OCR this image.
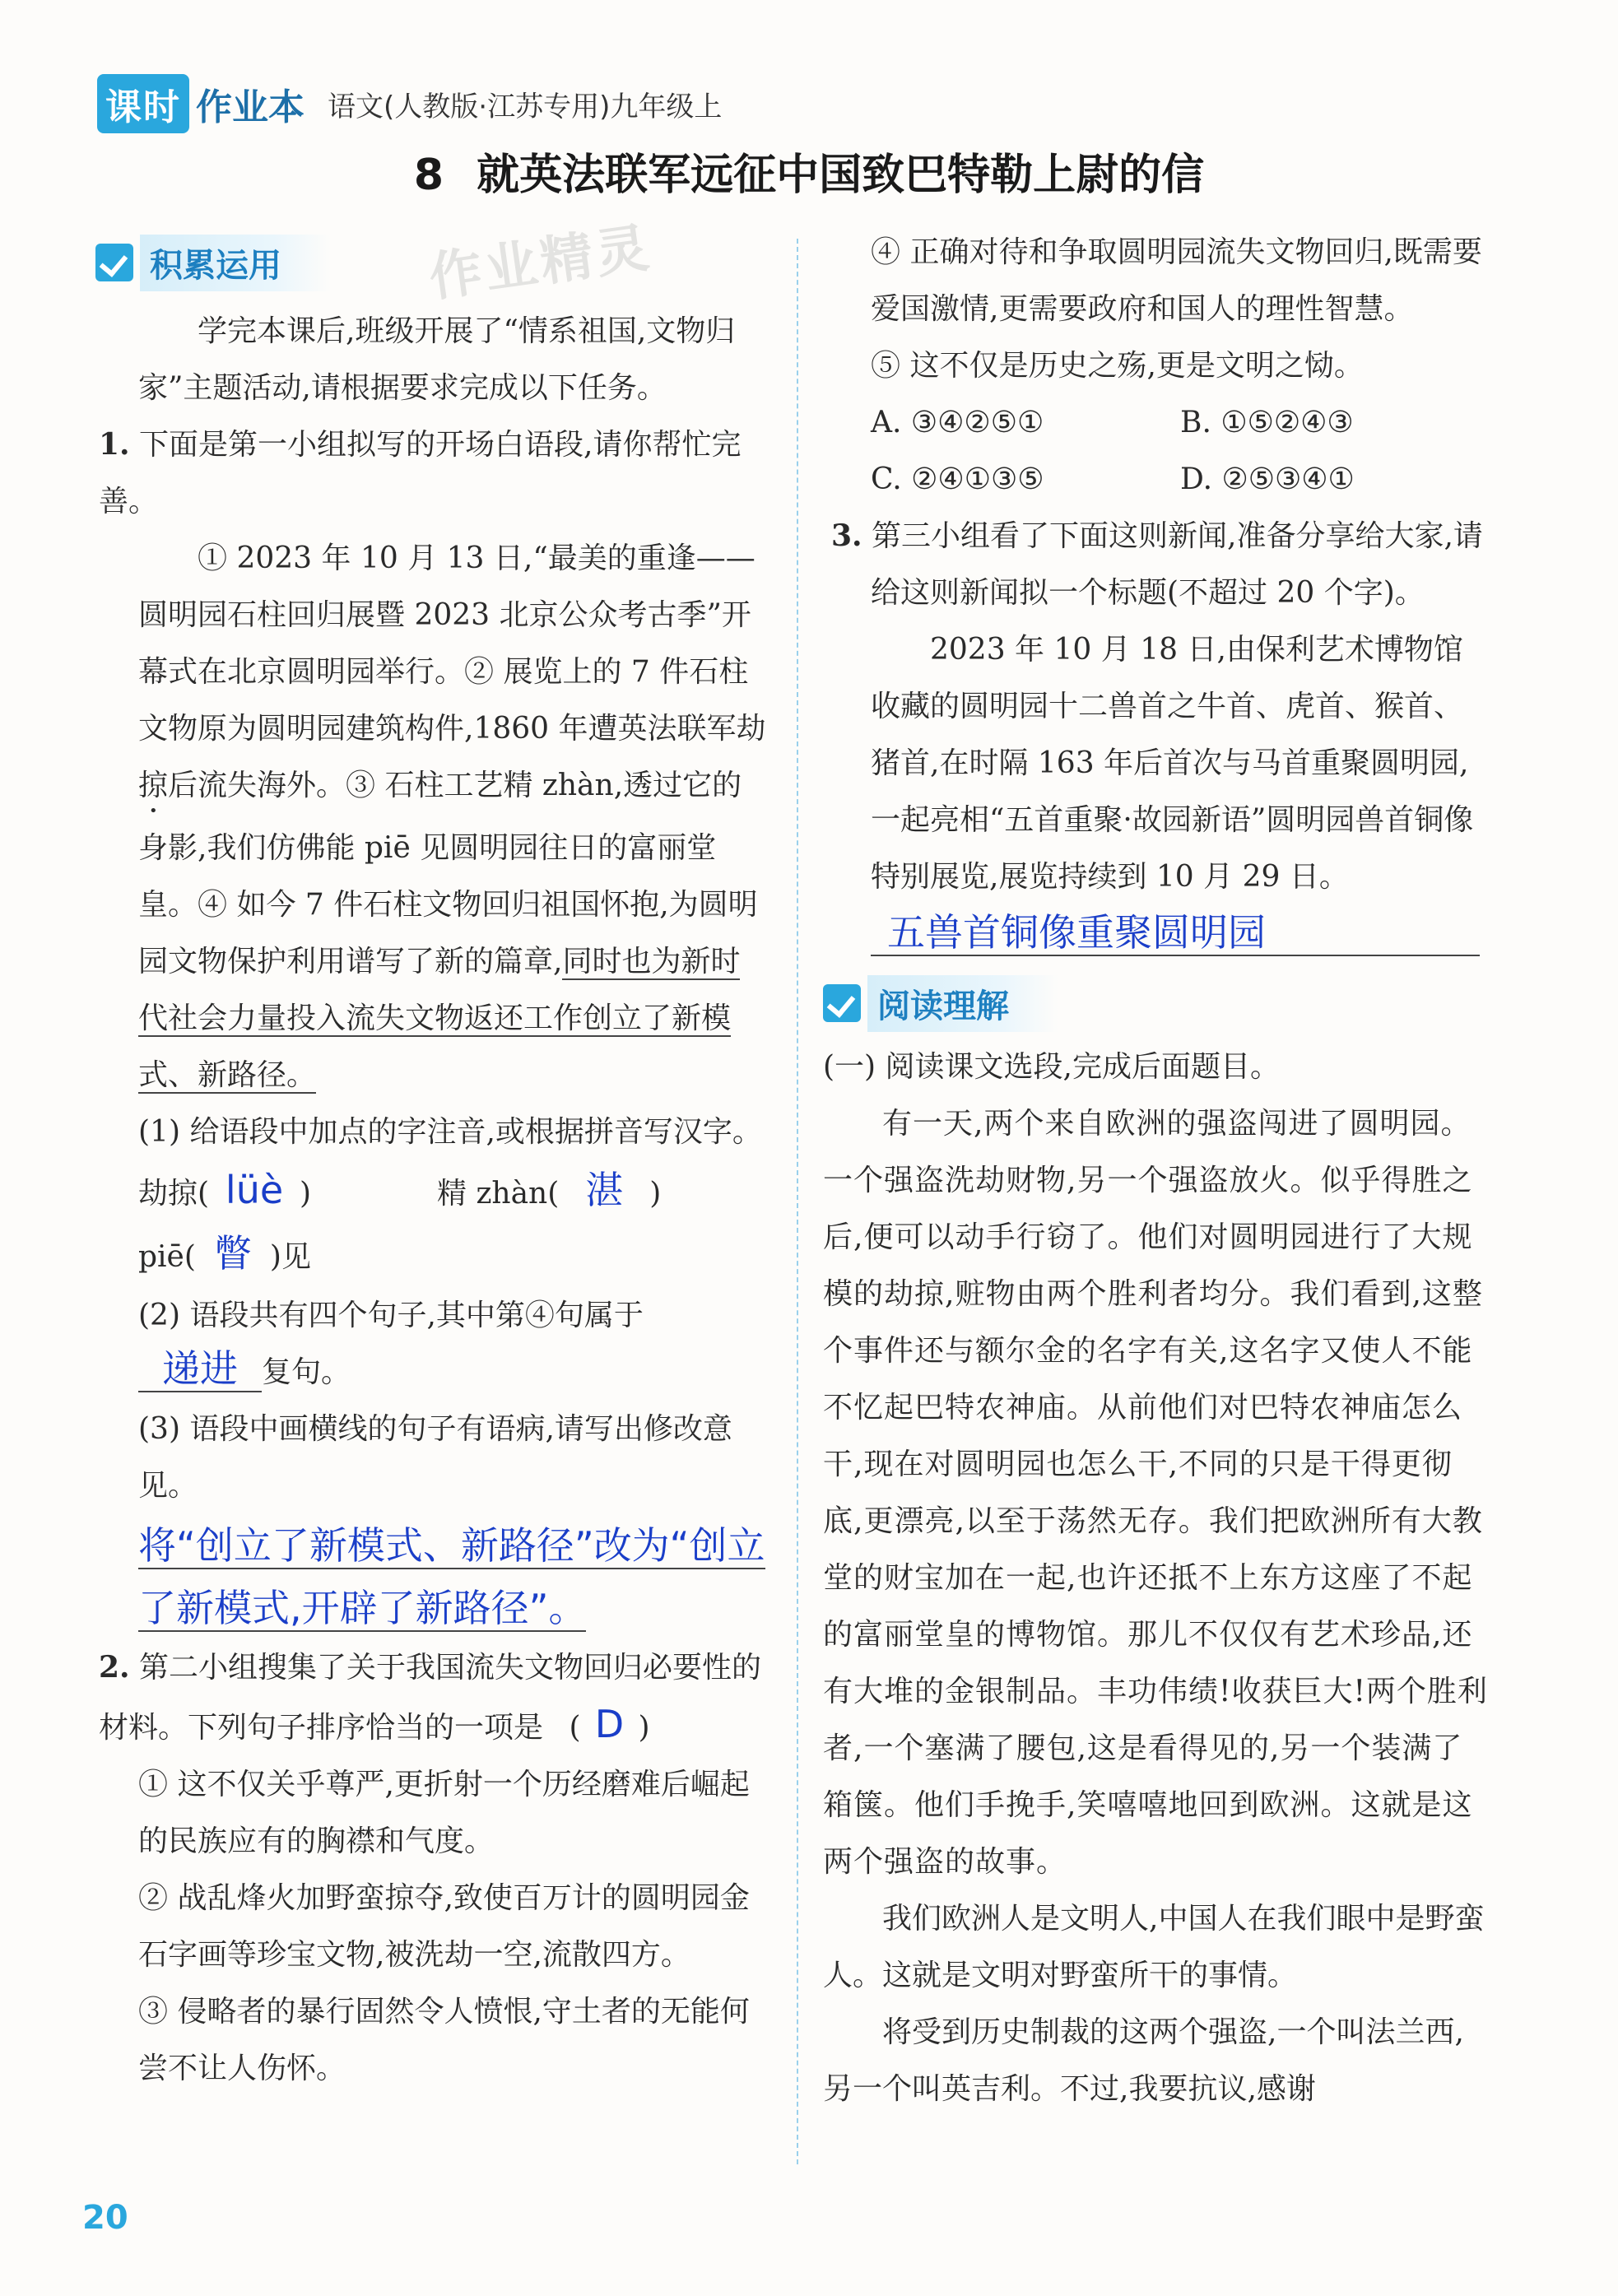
课时 作业本 语文(人教版·江苏专用)九年级上
8 就英法联军远征中国致巴特勒上尉的信
积累运用	作业精灵

学完本课后,班级开展了“情系祖国,文物归家”主题活动,请根据要求完成以下任务。

1. 下面是第一小组拟写的开场白语段,请你帮忙完善。

① 2023 年 10 月 13 日,“最美的重逢——圆明园石柱回归展暨 2023 北京公众考古季”开幕式在北京圆明园举行。② 展览上的 7 件石柱文物原为圆明园建筑构件,1860 年遭英法联军劫掠后流失海外。③ 石柱工艺精 zhàn,透过它的身影,我们仿佛能 piē 见圆明园往日的富丽堂皇。④ 如今 7 件石柱文物回归祖国怀抱,为圆明园文物保护利用谱写了新的篇章,同时也为新时代社会力量投入流失文物返还工作创立了新模式、新路径。

(1) 给语段中加点的字注音,或根据拼音写汉字。

劫掠( lüè )	精 zhàn( 湛 )
piē( 瞥 )见

(2) 语段共有四个句子,其中第④句属于
递进 复句。

(3) 语段中画横线的句子有语病,请写出修改意见。

将“创立了新模式、新路径”改为“创立了新模式,开辟了新路径”。

2. 第二小组搜集了关于我国流失文物回归必要性的材料。下列句子排序恰当的一项是 ( D )

① 这不仅关乎尊严,更折射一个历经磨难后崛起的民族应有的胸襟和气度。

② 战乱烽火加野蛮掠夺,致使百万计的圆明园金石字画等珍宝文物,被洗劫一空,流散四方。

③ 侵略者的暴行固然令人愤恨,守土者的无能何尝不让人伤怀。

④ 正确对待和争取圆明园流失文物回归,既需要爱国激情,更需要政府和国人的理性智慧。

⑤ 这不仅是历史之殇,更是文明之恸。

A. ③④②⑤①	B. ①⑤②④③
C. ②④①③⑤	D. ②⑤③④①

3. 第三小组看了下面这则新闻,准备分享给大家,请给这则新闻拟一个标题(不超过 20 个字)。

2023 年 10 月 18 日,由保利艺术博物馆收藏的圆明园十二兽首之牛首、虎首、猴首、猪首,在时隔 163 年后首次与马首重聚圆明园,一起亮相“五首重聚·故园新语”圆明园兽首铜像特别展览,展览持续到 10 月 29 日。

五兽首铜像重聚圆明园

阅读理解

(一) 阅读课文选段,完成后面题目。

有一天,两个来自欧洲的强盗闯进了圆明园。一个强盗洗劫财物,另一个强盗放火。似乎得胜之后,便可以动手行窃了。他们对圆明园进行了大规模的劫掠,赃物由两个胜利者均分。我们看到,这整个事件还与额尔金的名字有关,这名字又使人不能不忆起巴特农神庙。从前他们对巴特农神庙怎么干,现在对圆明园也怎么干,不同的只是干得更彻底,更漂亮,以至于荡然无存。我们把欧洲所有大教堂的财宝加在一起,也许还抵不上东方这座了不起的富丽堂皇的博物馆。那儿不仅仅有艺术珍品,还有大堆的金银制品。丰功伟绩!收获巨大!两个胜利者,一个塞满了腰包,这是看得见的,另一个装满了箱箧。他们手挽手,笑嘻嘻地回到欧洲。这就是这两个强盗的故事。

我们欧洲人是文明人,中国人在我们眼中是野蛮人。这就是文明对野蛮所干的事情。

将受到历史制裁的这两个强盗,一个叫法兰西,另一个叫英吉利。不过,我要抗议,感谢

20
